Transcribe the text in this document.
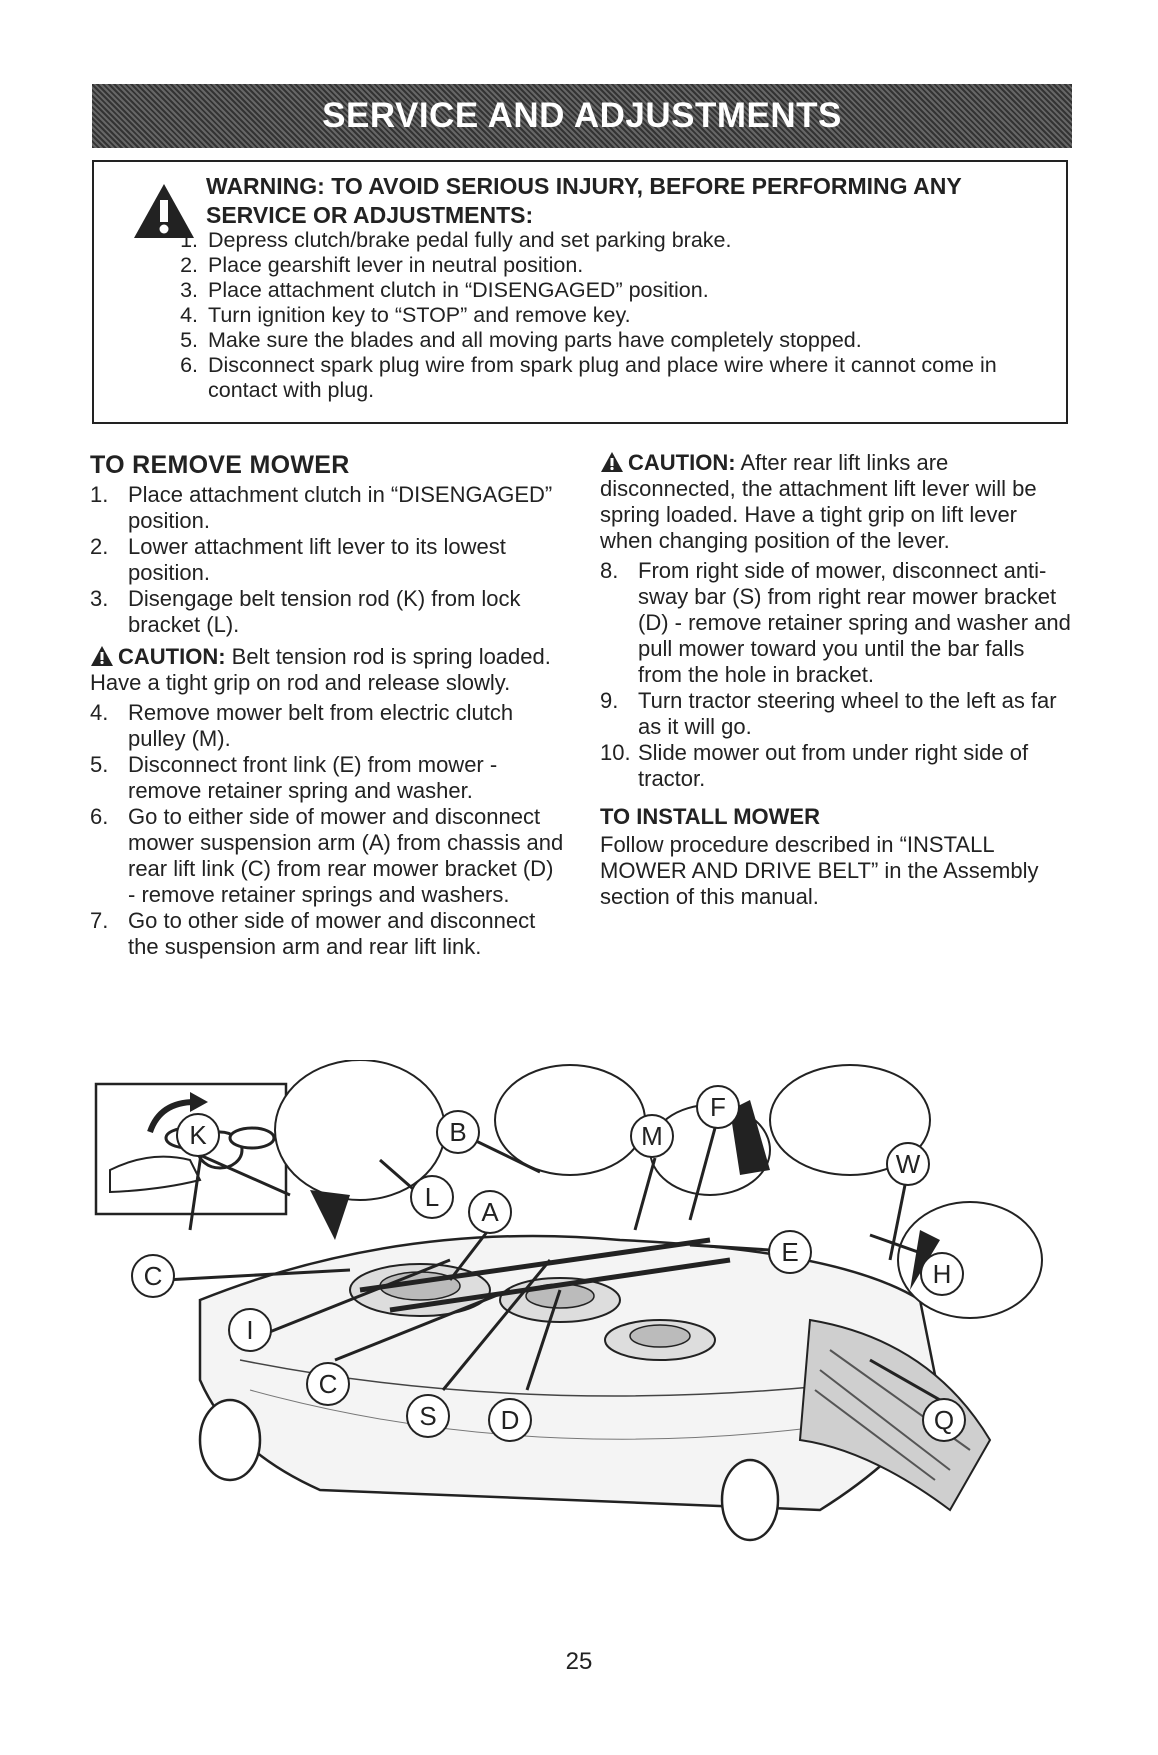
SERVICE AND ADJUSTMENTS
WARNING: TO AVOID SERIOUS INJURY, BEFORE PERFORMING ANY SERVICE OR ADJUSTMENTS:
1. Depress clutch/brake pedal fully and set parking brake.
2. Place gearshift lever in neutral position.
3. Place attachment clutch in “DISENGAGED” position.
4. Turn ignition key to “STOP” and remove key.
5. Make sure the blades and all moving parts have completely stopped.
6. Disconnect spark plug wire from spark plug and place wire where it cannot come in contact with plug.
TO REMOVE MOWER
1. Place attachment clutch in “DISENGAGED” position.
2. Lower attachment lift lever to its lowest position.
3. Disengage belt tension rod (K) from lock bracket (L).
CAUTION: Belt tension rod is spring loaded. Have a tight grip on rod and release slowly.
4. Remove mower belt from electric clutch pulley (M).
5. Disconnect front link (E) from mower - remove retainer spring and washer.
6. Go to either side of mower and disconnect mower suspension arm (A) from chassis and rear lift link (C) from rear mower bracket (D) - remove retainer springs and washers.
7. Go to other side of mower and disconnect the suspension arm and rear lift link.
CAUTION: After rear lift links are disconnected, the attachment lift lever will be spring loaded. Have a tight grip on lift lever when changing position of the lever.
8. From right side of mower, disconnect anti-sway bar (S) from right rear mower bracket (D) - remove retainer spring and washer and pull mower toward you until the bar falls from the hole in bracket.
9. Turn tractor steering wheel to the left as far as it will go.
10. Slide mower out from under right side of tractor.
TO INSTALL MOWER

Follow procedure described in “INSTALL MOWER AND DRIVE BELT” in the Assembly section of this manual.

B
L A
M
F
W
K
E
C	H
I
C
S D	Q
25
